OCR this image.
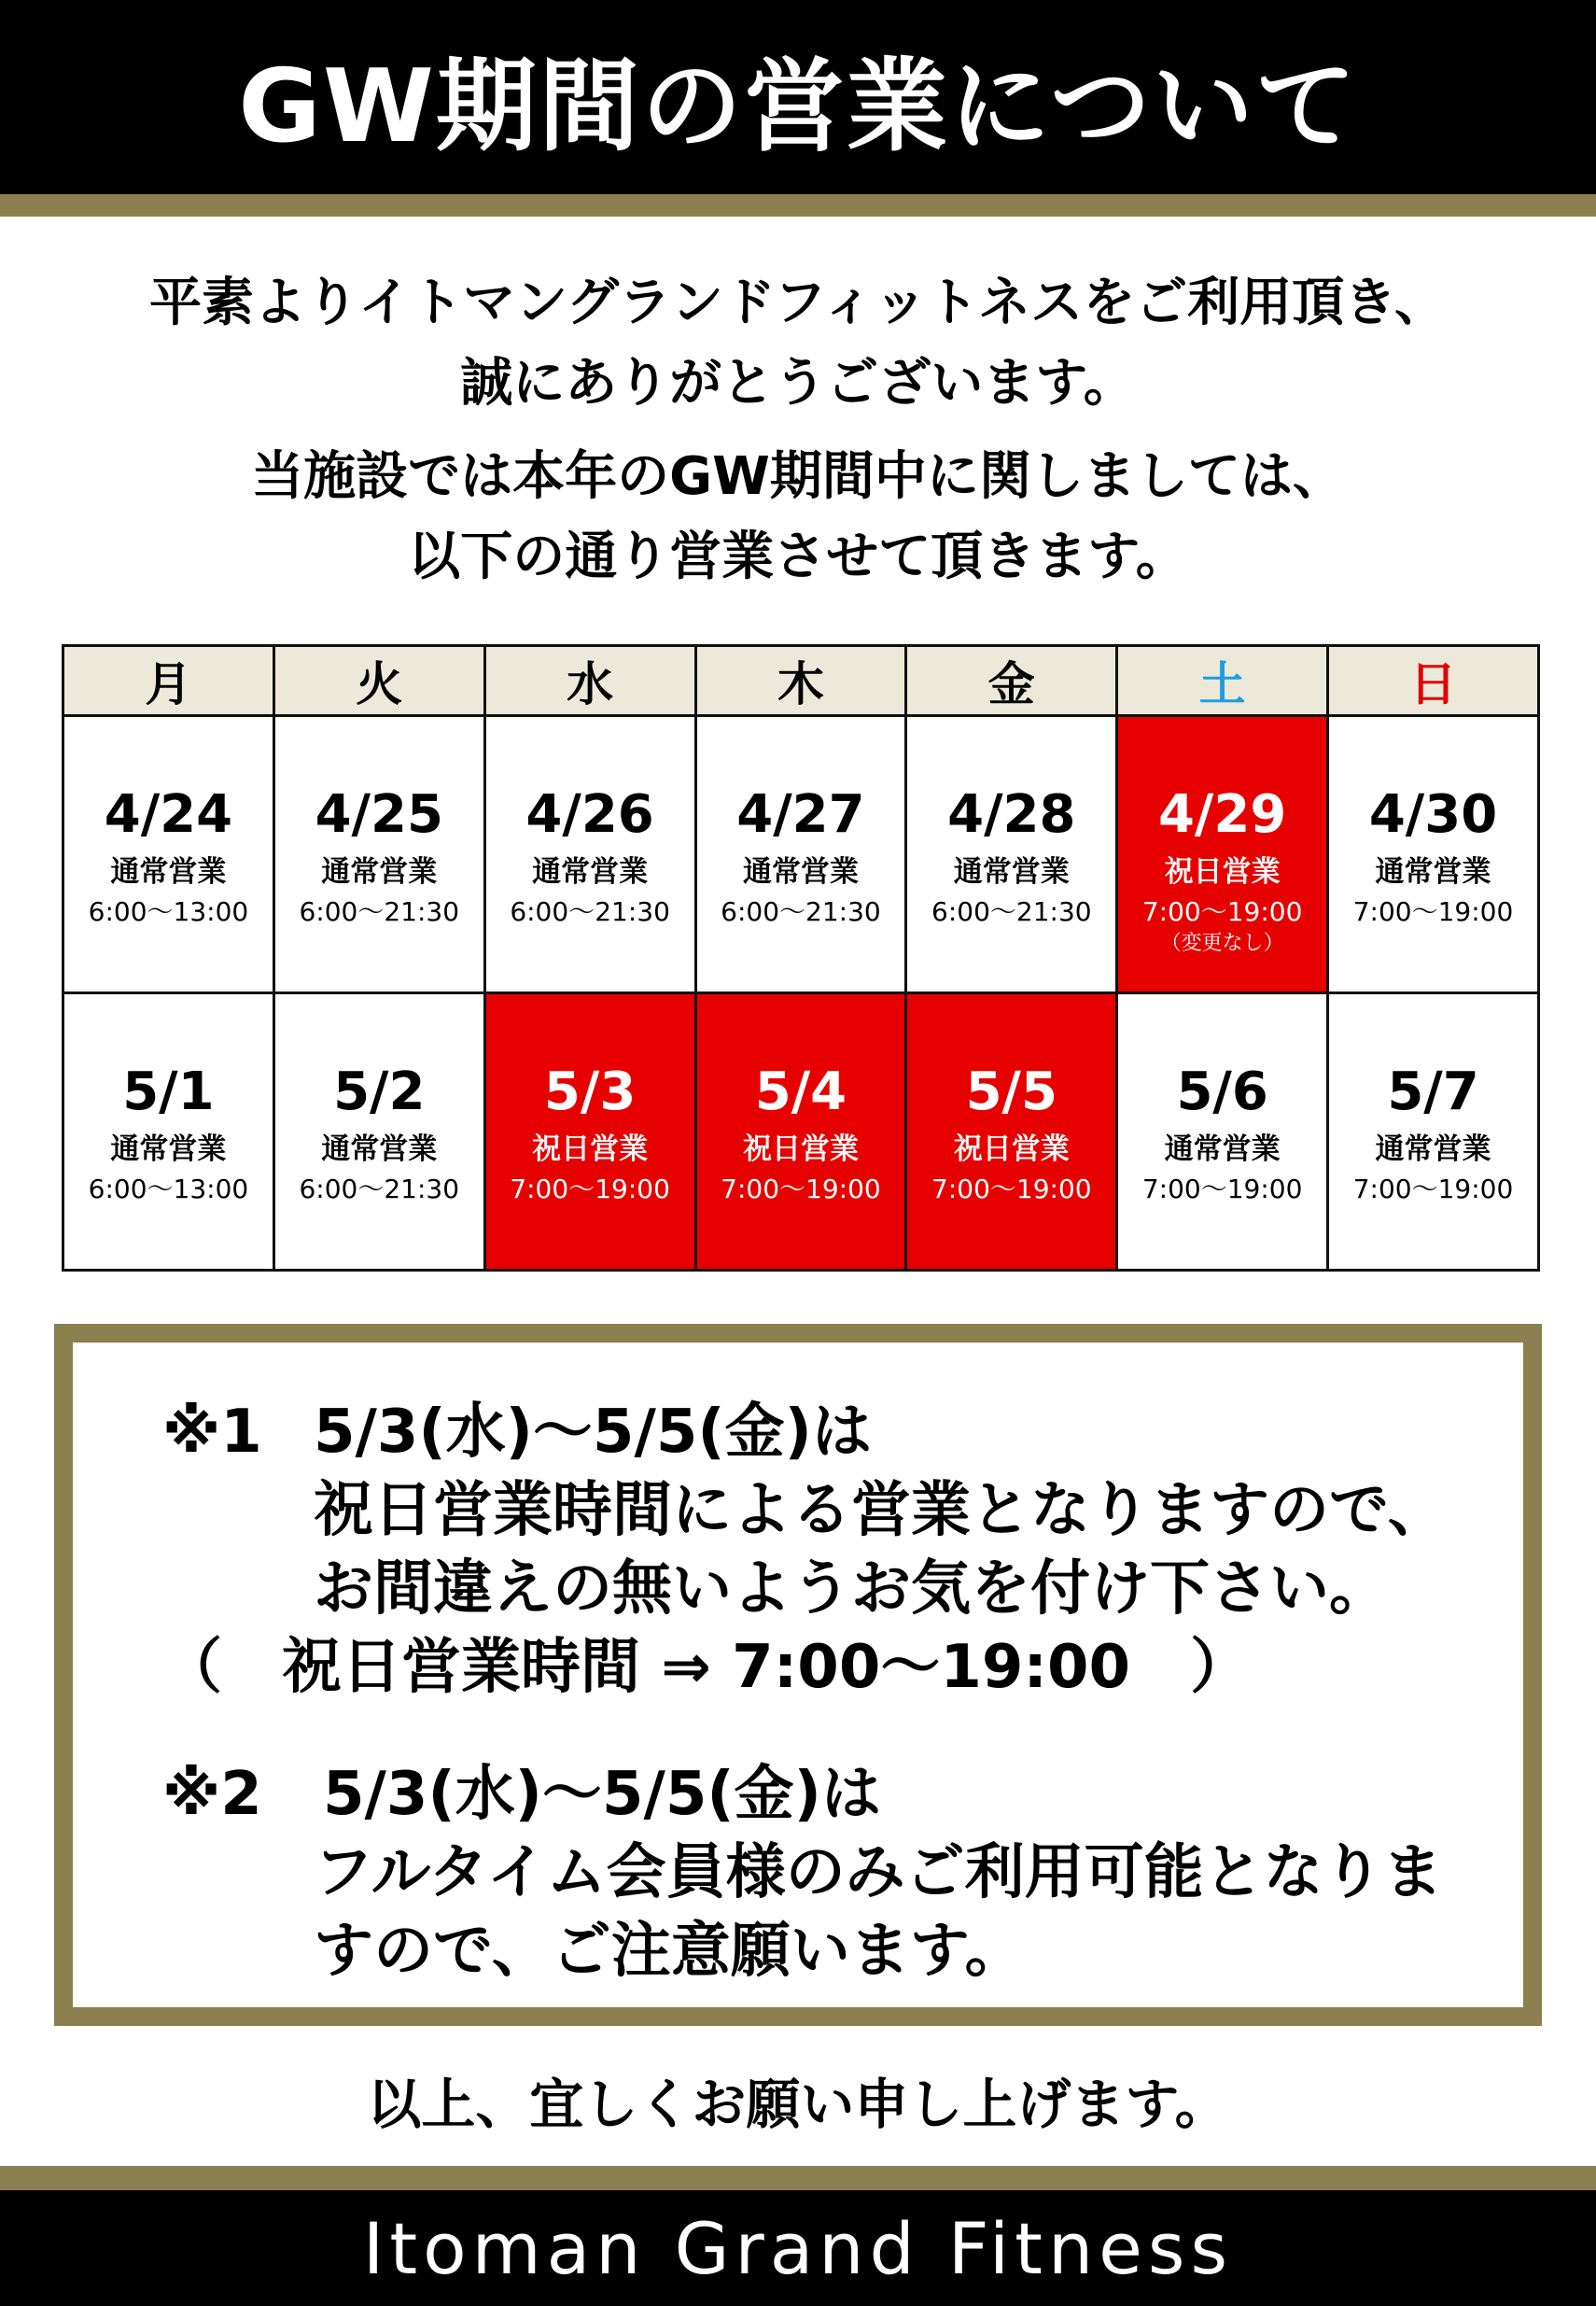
GW期間の営業について
平素よりイトマングランドフィットネスをご利用頂き、
誠にありがとうございます。
当施設では本年のGW期間中に関しましては、
以下の通り営業させて頂きます。
月	火	水	木	金	土	日

4/24
通常営業
6:00〜13:00	4/25
通常営業
6:00〜21:30	4/26
通常営業
6:00〜21:30	4/27
通常営業
6:00〜21:30	4/28
通常営業
6:00〜21:30	4/29
祝日営業
7:00〜19:00
（変更なし）	4/30
通常営業
7:00〜19:00

5/1
通常営業
6:00〜13:00	5/2
通常営業
6:00〜21:30	5/3
祝日営業
7:00〜19:00	5/4
祝日営業
7:00〜19:00	5/5
祝日営業
7:00〜19:00	5/6
通常営業
7:00〜19:00	5/7
通常営業
7:00〜19:00
※1 5/3(水)〜5/5(金)は
祝日営業時間による営業となりますので、
お間違えの無いようお気を付け下さい。
（　祝日営業時間 ⇒ 7:00〜19:00　）
※2 5/3(水)〜5/5(金)は
フルタイム会員様のみご利用可能となりま
すので、ご注意願います。
以上、宜しくお願い申し上げます。
Itoman Grand Fitness
